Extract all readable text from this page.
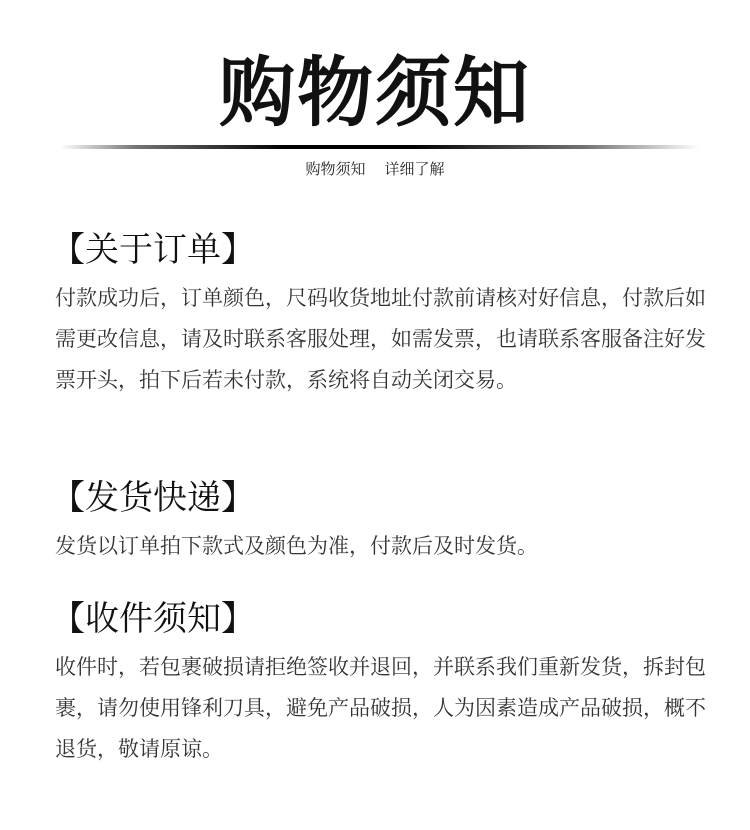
购物须知
购物须知    详细了解
【关于订单】

付款成功后，订单颜色，尺码收货地址付款前请核对好信息，付款后如需更改信息，请及时联系客服处理，如需发票，也请联系客服备注好发票开头，拍下后若未付款，系统将自动关闭交易。

【发货快递】

发货以订单拍下款式及颜色为准，付款后及时发货。

【收件须知】

收件时，若包裹破损请拒绝签收并退回，并联系我们重新发货，拆封包裹，请勿使用锋利刀具，避免产品破损，人为因素造成产品破损，概不退货，敬请原谅。
